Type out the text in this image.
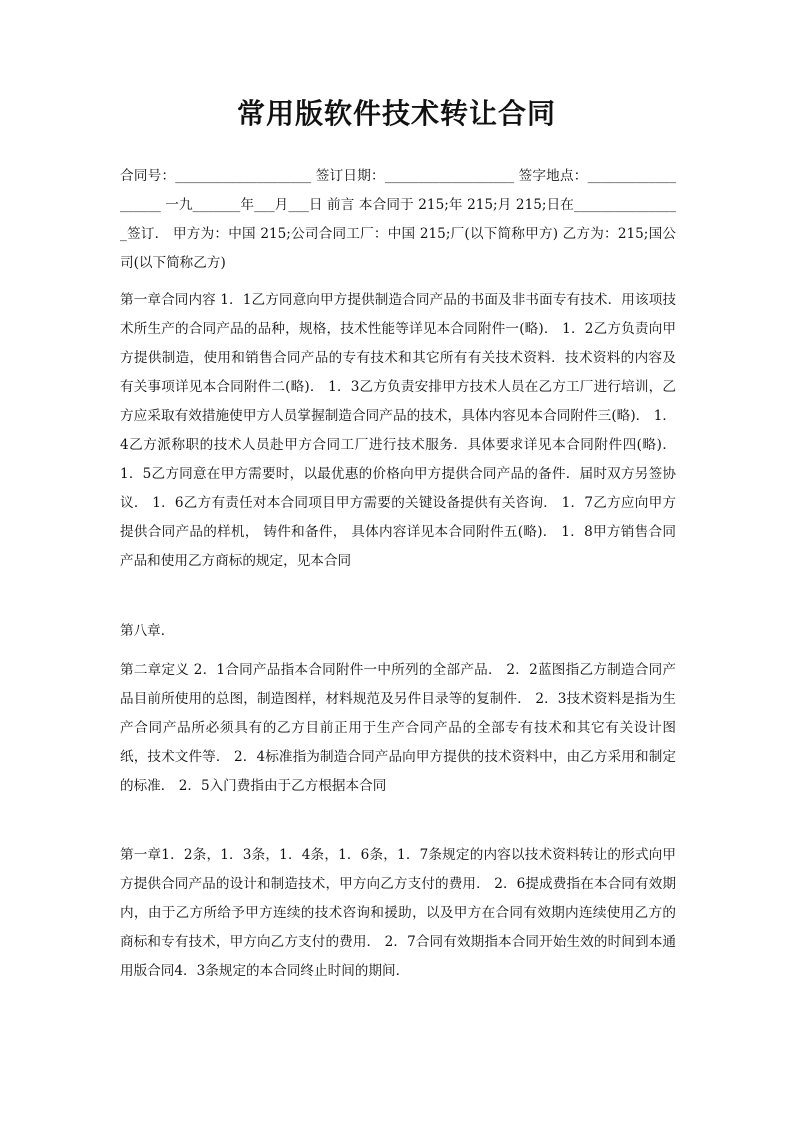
常用版软件技术转让合同
合同号：____________________ 签订日期：___________________ 签字地点：___________________ 一九_______年___月___日 前言 本合同于 215;年 215;月 215;日在________________签订． 甲方为：中国 215;公司合同工厂：中国 215;厂(以下简称甲方) 乙方为：215;国公司(以下简称乙方)
第一章合同内容 1．1乙方同意向甲方提供制造合同产品的书面及非书面专有技术．用该项技术所生产的合同产品的品种，规格，技术性能等详见本合同附件一(略)． 1．2乙方负责向甲方提供制造，使用和销售合同产品的专有技术和其它所有有关技术资料．技术资料的内容及有关事项详见本合同附件二(略)． 1．3乙方负责安排甲方技术人员在乙方工厂进行培训，乙方应采取有效措施使甲方人员掌握制造合同产品的技术，具体内容见本合同附件三(略)． 1．4乙方派称职的技术人员赴甲方合同工厂进行技术服务．具体要求详见本合同附件四(略)． 1．5乙方同意在甲方需要时，以最优惠的价格向甲方提供合同产品的备件．届时双方另签协议． 1．6乙方有责任对本合同项目甲方需要的关键设备提供有关咨询． 1．7乙方应向甲方提供合同产品的样机， 铸件和备件， 具体内容详见本合同附件五(略)． 1．8甲方销售合同产品和使用乙方商标的规定，见本合同
第八章．
第二章定义 2．1合同产品指本合同附件一中所列的全部产品． 2．2蓝图指乙方制造合同产品目前所使用的总图，制造图样，材料规范及另件目录等的复制件． 2．3技术资料是指为生产合同产品所必须具有的乙方目前正用于生产合同产品的全部专有技术和其它有关设计图纸，技术文件等． 2．4标准指为制造合同产品向甲方提供的技术资料中，由乙方采用和制定的标准． 2．5入门费指由于乙方根据本合同
第一章1．2条，1．3条，1．4条，1．6条，1．7条规定的内容以技术资料转让的形式向甲方提供合同产品的设计和制造技术，甲方向乙方支付的费用． 2．6提成费指在本合同有效期内，由于乙方所给予甲方连续的技术咨询和援助，以及甲方在合同有效期内连续使用乙方的商标和专有技术，甲方向乙方支付的费用． 2．7合同有效期指本合同开始生效的时间到本通用版合同4．3条规定的本合同终止时间的期间．
